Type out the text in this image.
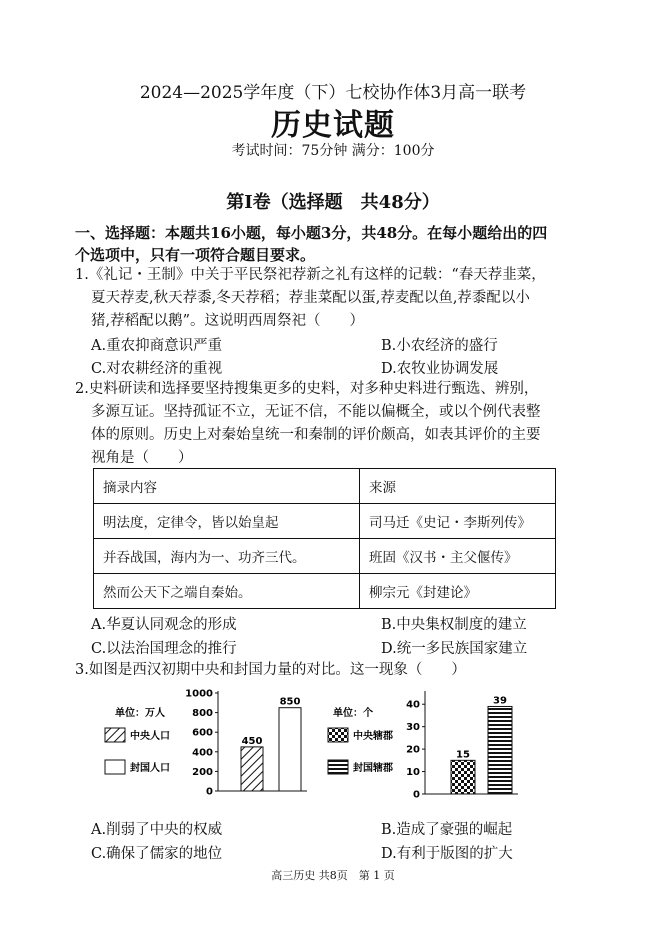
2024—2025学年度（下）七校协作体3月高一联考
历史试题
考试时间：75分钟 满分：100分
第Ⅰ卷（选择题　共48分）
一、选择题：本题共16小题，每小题3分，共48分。在每小题给出的四
个选项中，只有一项符合题目要求。
1.《礼记・王制》中关于平民祭祀荐新之礼有这样的记载：“春天荐韭菜，
夏天荐麦,秋天荐黍,冬天荐稻；荐韭菜配以蛋,荐麦配以鱼,荐黍配以小
猪,荐稻配以鹅”。这说明西周祭祀（　　）
A.重农抑商意识严重	B.小农经济的盛行
C.对农耕经济的重视	D.农牧业协调发展
2.史料研读和选择要坚持搜集更多的史料，对多种史料进行甄选、辨别，
多源互证。坚持孤证不立，无证不信，不能以偏概全，或以个例代表整
体的原则。历史上对秦始皇统一和秦制的评价颇高，如表其评价的主要
视角是（　　）
摘录内容	来源
明法度，定律令，皆以始皇起	司马迁《史记・李斯列传》
并吞战国，海内为一、功齐三代。	班固《汉书・主父偃传》
然而公天下之端自秦始。	柳宗元《封建论》
A.华夏认同观念的形成	B.中央集权制度的建立
C.以法治国理念的推行	D.统一多民族国家建立
3.如图是西汉初期中央和封国力量的对比。这一现象（　　）
单位：万人
中央人口
封国人口
0
200
400
600
800
1000
450
850
单位：个
中央辖郡
封国辖郡
0
10
20
30
40
15
39
A.削弱了中央的权威	B.造成了豪强的崛起
C.确保了儒家的地位	D.有利于版图的扩大
高三历史 共8页　第 1 页
